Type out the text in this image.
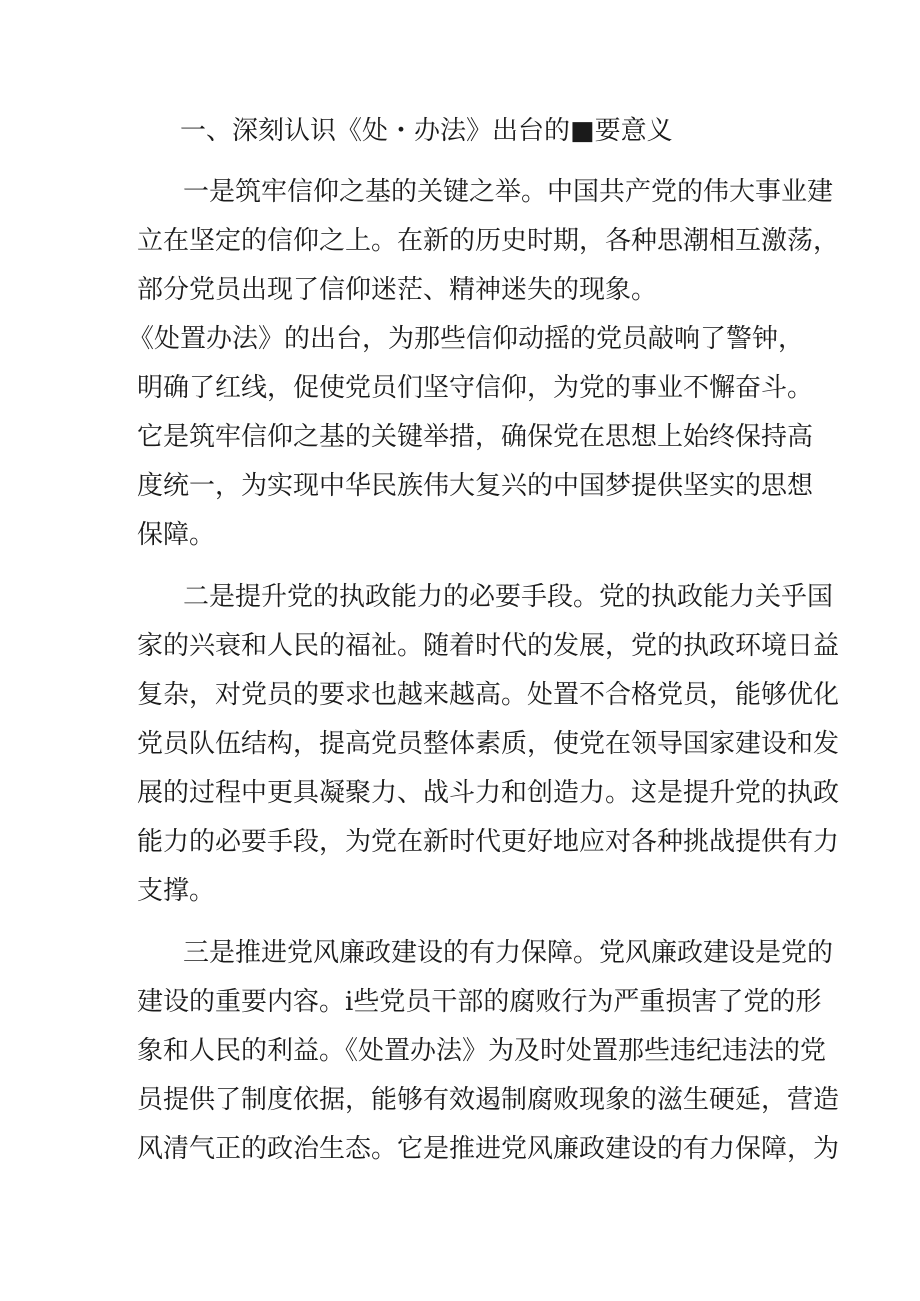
一、深刻认识《处・办法》出台的■要意义
一是筑牢信仰之基的关键之举。中国共产党的伟大事业建
立在坚定的信仰之上。在新的历史时期，各种思潮相互激荡，
部分党员出现了信仰迷茫、精神迷失的现象。
《处置办法》的出台，为那些信仰动摇的党员敲响了警钟，
明确了红线，促使党员们坚守信仰，为党的事业不懈奋斗。
它是筑牢信仰之基的关键举措，确保党在思想上始终保持高
度统一，为实现中华民族伟大复兴的中国梦提供坚实的思想
保障。
二是提升党的执政能力的必要手段。党的执政能力关乎国
家的兴衰和人民的福祉。随着时代的发展，党的执政环境日益
复杂，对党员的要求也越来越高。处置不合格党员，能够优化
党员队伍结构，提高党员整体素质，使党在领导国家建设和发
展的过程中更具凝聚力、战斗力和创造力。这是提升党的执政
能力的必要手段，为党在新时代更好地应对各种挑战提供有力
支撑。
三是推进党风廉政建设的有力保障。党风廉政建设是党的
建设的重要内容。i些党员干部的腐败行为严重损害了党的形
象和人民的利益。《处置办法》为及时处置那些违纪违法的党
员提供了制度依据，能够有效遏制腐败现象的滋生硬延，营造
风清气正的政治生态。它是推进党风廉政建设的有力保障，为
